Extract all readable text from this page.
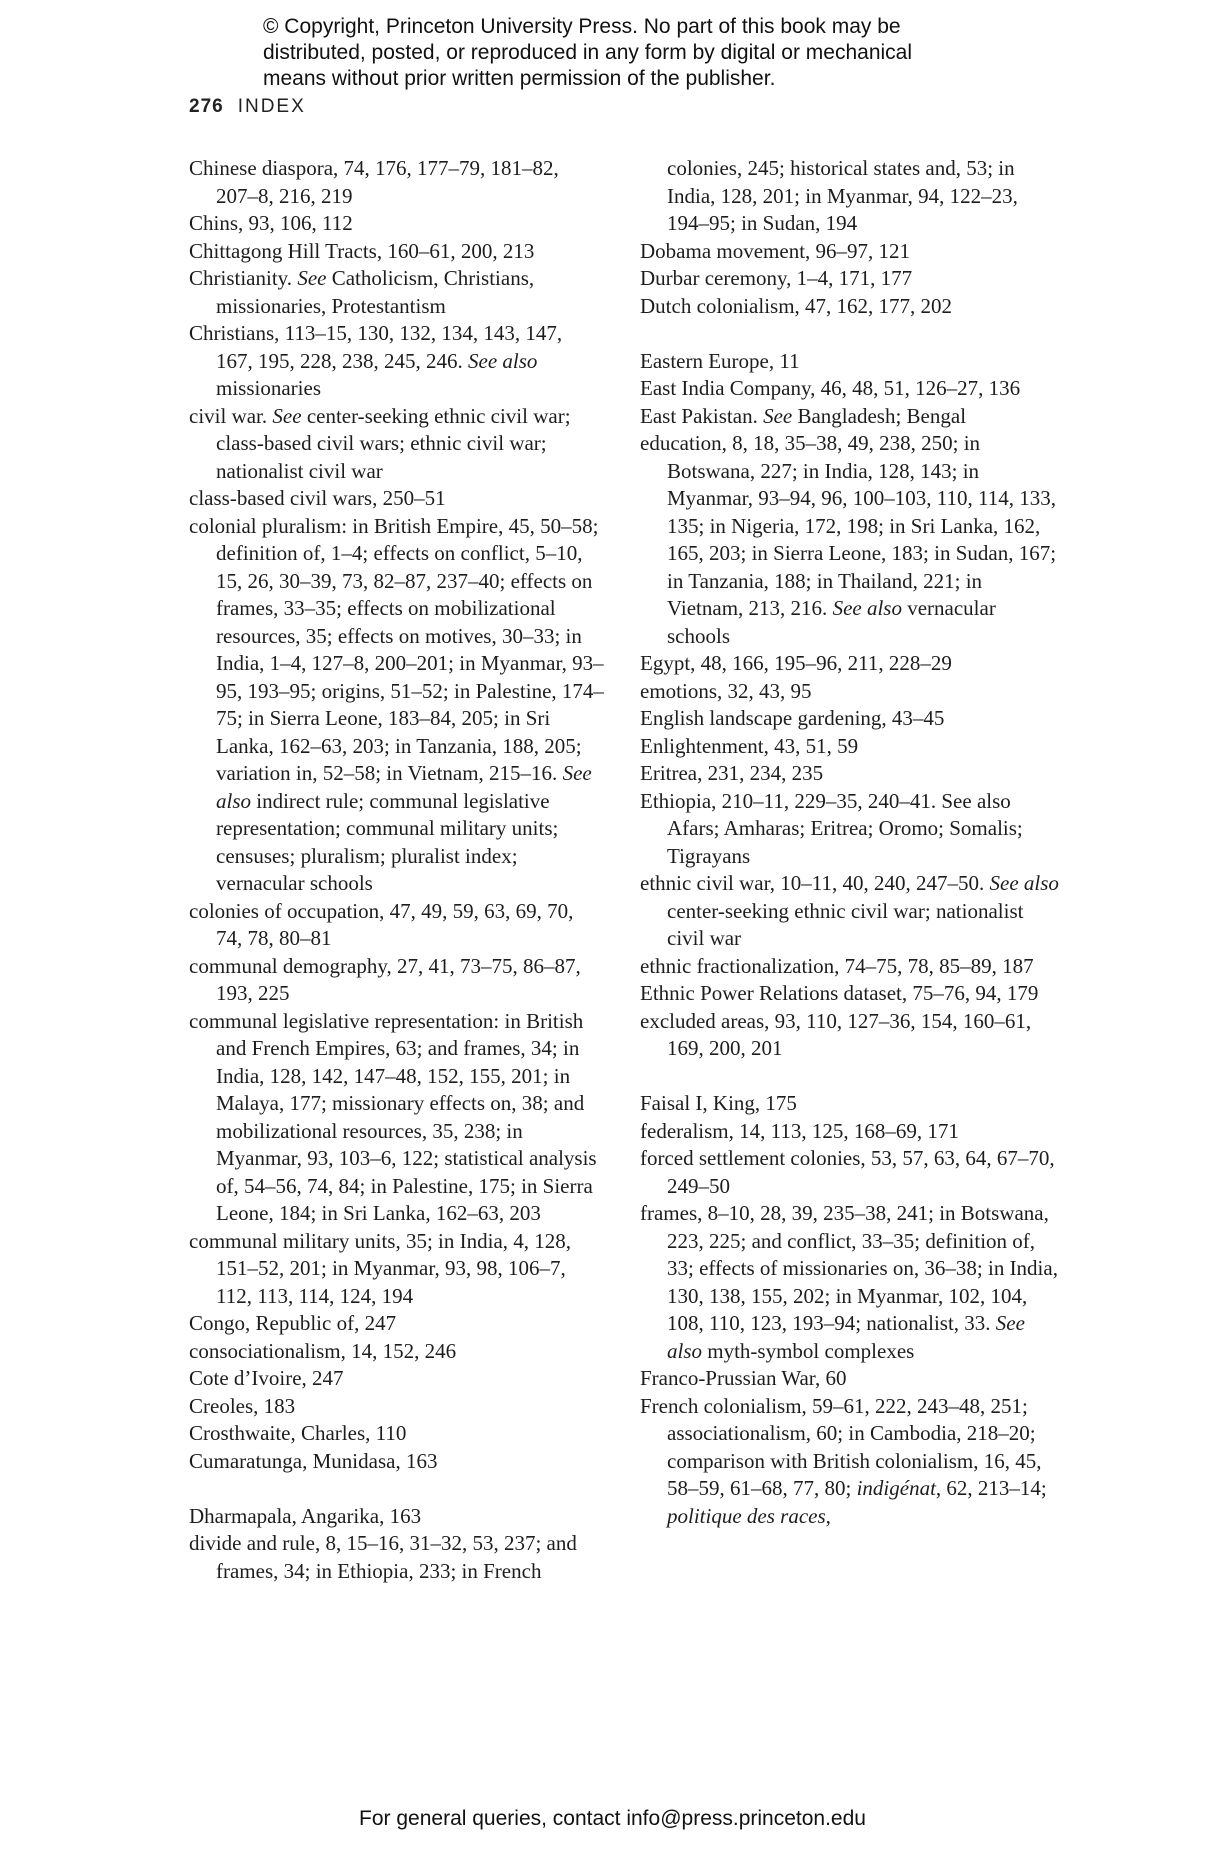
© Copyright, Princeton University Press. No part of this book may be
distributed, posted, or reproduced in any form by digital or mechanical
means without prior written permission of the publisher.
276 INDEX

Chinese diaspora, 74, 176, 177–79, 181–82, 207–8, 216, 219

Chins, 93, 106, 112

Chittagong Hill Tracts, 160–61, 200, 213

Christianity. See Catholicism, Christians, missionaries, Protestantism

Christians, 113–15, 130, 132, 134, 143, 147, 167, 195, 228, 238, 245, 246. See also missionaries

civil war. See center-seeking ethnic civil war; class-based civil wars; ethnic civil war; nationalist civil war

class-based civil wars, 250–51

colonial pluralism: in British Empire, 45, 50–58; definition of, 1–4; effects on conflict, 5–10, 15, 26, 30–39, 73, 82–87, 237–40; effects on frames, 33–35; effects on mobilizational resources, 35; effects on motives, 30–33; in India, 1–4, 127–8, 200–201; in Myanmar, 93–95, 193–95; origins, 51–52; in Palestine, 174–75; in Sierra Leone, 183–84, 205; in Sri Lanka, 162–63, 203; in Tanzania, 188, 205; variation in, 52–58; in Vietnam, 215–16. See also indirect rule; communal legislative representation; communal military units; censuses; pluralism; pluralist index; vernacular schools

colonies of occupation, 47, 49, 59, 63, 69, 70, 74, 78, 80–81

communal demography, 27, 41, 73–75, 86–87, 193, 225

communal legislative representation: in British and French Empires, 63; and frames, 34; in India, 128, 142, 147–48, 152, 155, 201; in Malaya, 177; missionary effects on, 38; and mobilizational resources, 35, 238; in Myanmar, 93, 103–6, 122; statistical analysis of, 54–56, 74, 84; in Palestine, 175; in Sierra Leone, 184; in Sri Lanka, 162–63, 203

communal military units, 35; in India, 4, 128, 151–52, 201; in Myanmar, 93, 98, 106–7, 112, 113, 114, 124, 194

Congo, Republic of, 247

consociationalism, 14, 152, 246

Cote d’Ivoire, 247

Creoles, 183

Crosthwaite, Charles, 110

Cumaratunga, Munidasa, 163

Dharmapala, Angarika, 163

divide and rule, 8, 15–16, 31–32, 53, 237; and frames, 34; in Ethiopia, 233; in French

colonies, 245; historical states and, 53; in India, 128, 201; in Myanmar, 94, 122–23, 194–95; in Sudan, 194

Dobama movement, 96–97, 121

Durbar ceremony, 1–4, 171, 177

Dutch colonialism, 47, 162, 177, 202

Eastern Europe, 11

East India Company, 46, 48, 51, 126–27, 136

East Pakistan. See Bangladesh; Bengal

education, 8, 18, 35–38, 49, 238, 250; in Botswana, 227; in India, 128, 143; in Myanmar, 93–94, 96, 100–103, 110, 114, 133, 135; in Nigeria, 172, 198; in Sri Lanka, 162, 165, 203; in Sierra Leone, 183; in Sudan, 167; in Tanzania, 188; in Thailand, 221; in Vietnam, 213, 216. See also vernacular schools

Egypt, 48, 166, 195–96, 211, 228–29

emotions, 32, 43, 95

English landscape gardening, 43–45

Enlightenment, 43, 51, 59

Eritrea, 231, 234, 235

Ethiopia, 210–11, 229–35, 240–41. See also Afars; Amharas; Eritrea; Oromo; Somalis; Tigrayans

ethnic civil war, 10–11, 40, 240, 247–50. See also center-seeking ethnic civil war; nationalist civil war

ethnic fractionalization, 74–75, 78, 85–89, 187

Ethnic Power Relations dataset, 75–76, 94, 179

excluded areas, 93, 110, 127–36, 154, 160–61, 169, 200, 201

Faisal I, King, 175

federalism, 14, 113, 125, 168–69, 171

forced settlement colonies, 53, 57, 63, 64, 67–70, 249–50

frames, 8–10, 28, 39, 235–38, 241; in Botswana, 223, 225; and conflict, 33–35; definition of, 33; effects of missionaries on, 36–38; in India, 130, 138, 155, 202; in Myanmar, 102, 104, 108, 110, 123, 193–94; nationalist, 33. See also myth-symbol complexes

Franco-Prussian War, 60

French colonialism, 59–61, 222, 243–48, 251; associationalism, 60; in Cambodia, 218–20; comparison with British colonialism, 16, 45, 58–59, 61–68, 77, 80; indigénat, 62, 213–14; politique des races,

For general queries, contact info@press.princeton.edu
